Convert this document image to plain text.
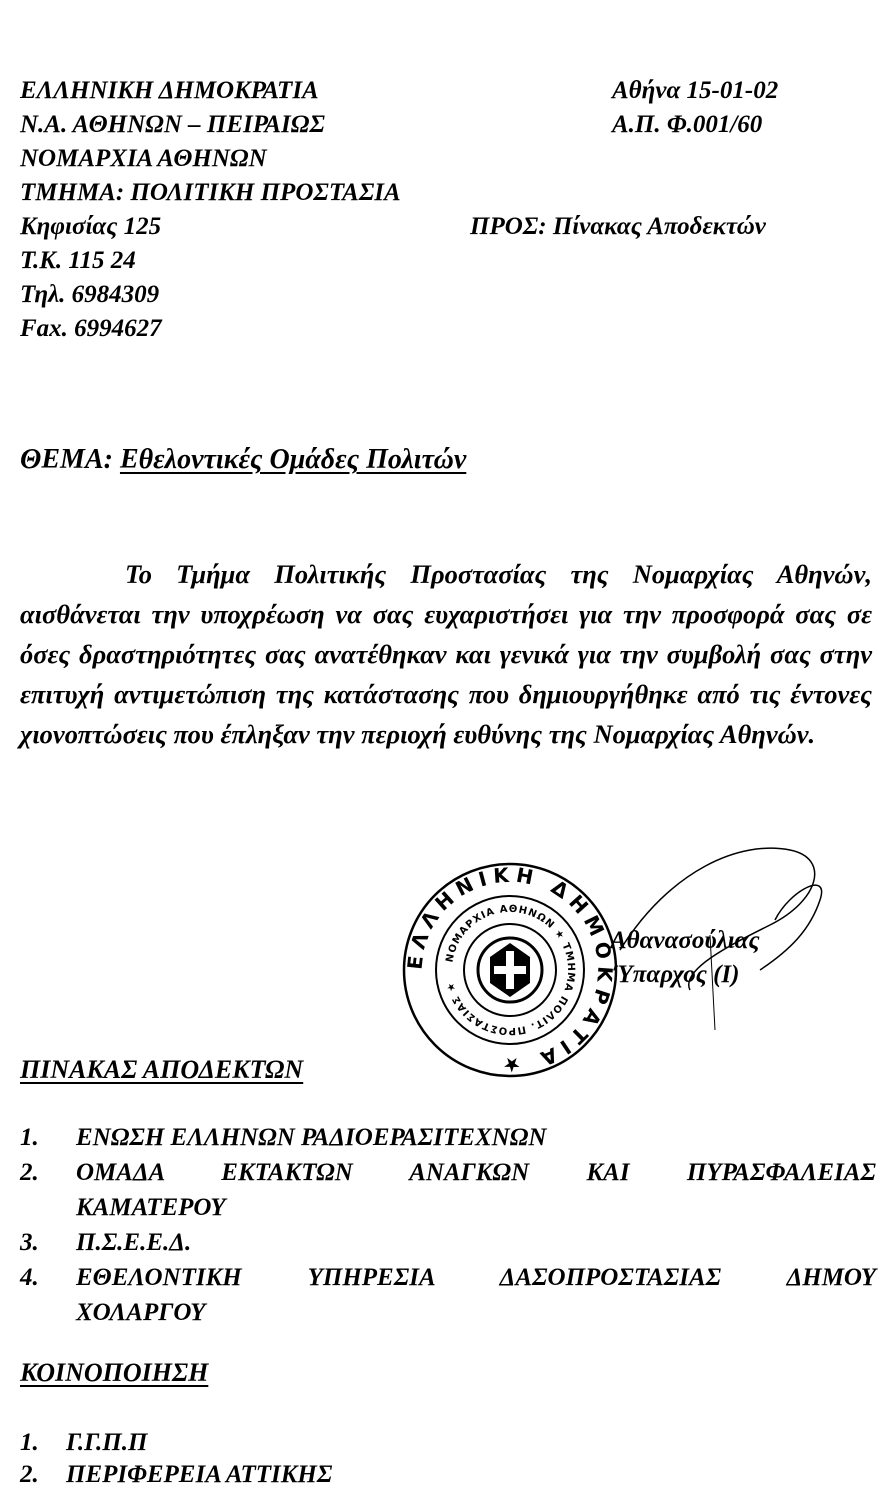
ΕΛΛΗΝΙΚΗ ΔΗΜΟΚΡΑΤΙΑ
Ν.Α. ΑΘΗΝΩΝ – ΠΕΙΡΑΙΩΣ
ΝΟΜΑΡΧΙΑ ΑΘΗΝΩΝ
ΤΜΗΜΑ: ΠΟΛΙΤΙΚΗ ΠΡΟΣΤΑΣΙΑ
Κηφισίας 125
Τ.Κ. 115 24
Τηλ. 6984309
Fax. 6994627
Αθήνα 15-01-02
Α.Π. Φ.001/60
ΠΡΟΣ: Πίνακας Αποδεκτών
ΘΕΜΑ: Εθελοντικές Ομάδες Πολιτών
Το Τμήμα Πολιτικής Προστασίας της Νομαρχίας Αθηνών, αισθάνεται την υποχρέωση να σας ευχαριστήσει για την προσφορά σας σε όσες δραστηριότητες σας ανατέθηκαν και γενικά για την συμβολή σας στην επιτυχή αντιμετώπιση της κατάστασης που δημιουργήθηκε από τις έντονες χιονοπτώσεις που έπληξαν την περιοχή ευθύνης της Νομαρχίας Αθηνών.
ΕΛΛΗΝΙΚΗ ΔΗΜΟΚΡΑΤΙΑ ★
ΝΟΜΑΡΧΙΑ ΑΘΗΝΩΝ ★ ΤΜΗΜΑ ΠΟΛΙΤ. ΠΡΟΣΤΑΣΙΑΣ ★
Αθανασούλιας
Ύπαρχος (Ι)
ΠΙΝΑΚΑΣ ΑΠΟΔΕΚΤΩΝ
1. ΕΝΩΣΗ ΕΛΛΗΝΩΝ ΡΑΔΙΟΕΡΑΣΙΤΕΧΝΩΝ
2. ΟΜΑΔΑ ΕΚΤΑΚΤΩΝ ΑΝΑΓΚΩΝ ΚΑΙ ΠΥΡΑΣΦΑΛΕΙΑΣ
ΚΑΜΑΤΕΡΟΥ
3. Π.Σ.Ε.Ε.Δ.
4. ΕΘΕΛΟΝΤΙΚΗ ΥΠΗΡΕΣΙΑ ΔΑΣΟΠΡΟΣΤΑΣΙΑΣ ΔΗΜΟΥ
ΧΟΛΑΡΓΟΥ
ΚΟΙΝΟΠΟΙΗΣΗ
1. Γ.Γ.Π.Π
2. ΠΕΡΙΦΕΡΕΙΑ ΑΤΤΙΚΗΣ
